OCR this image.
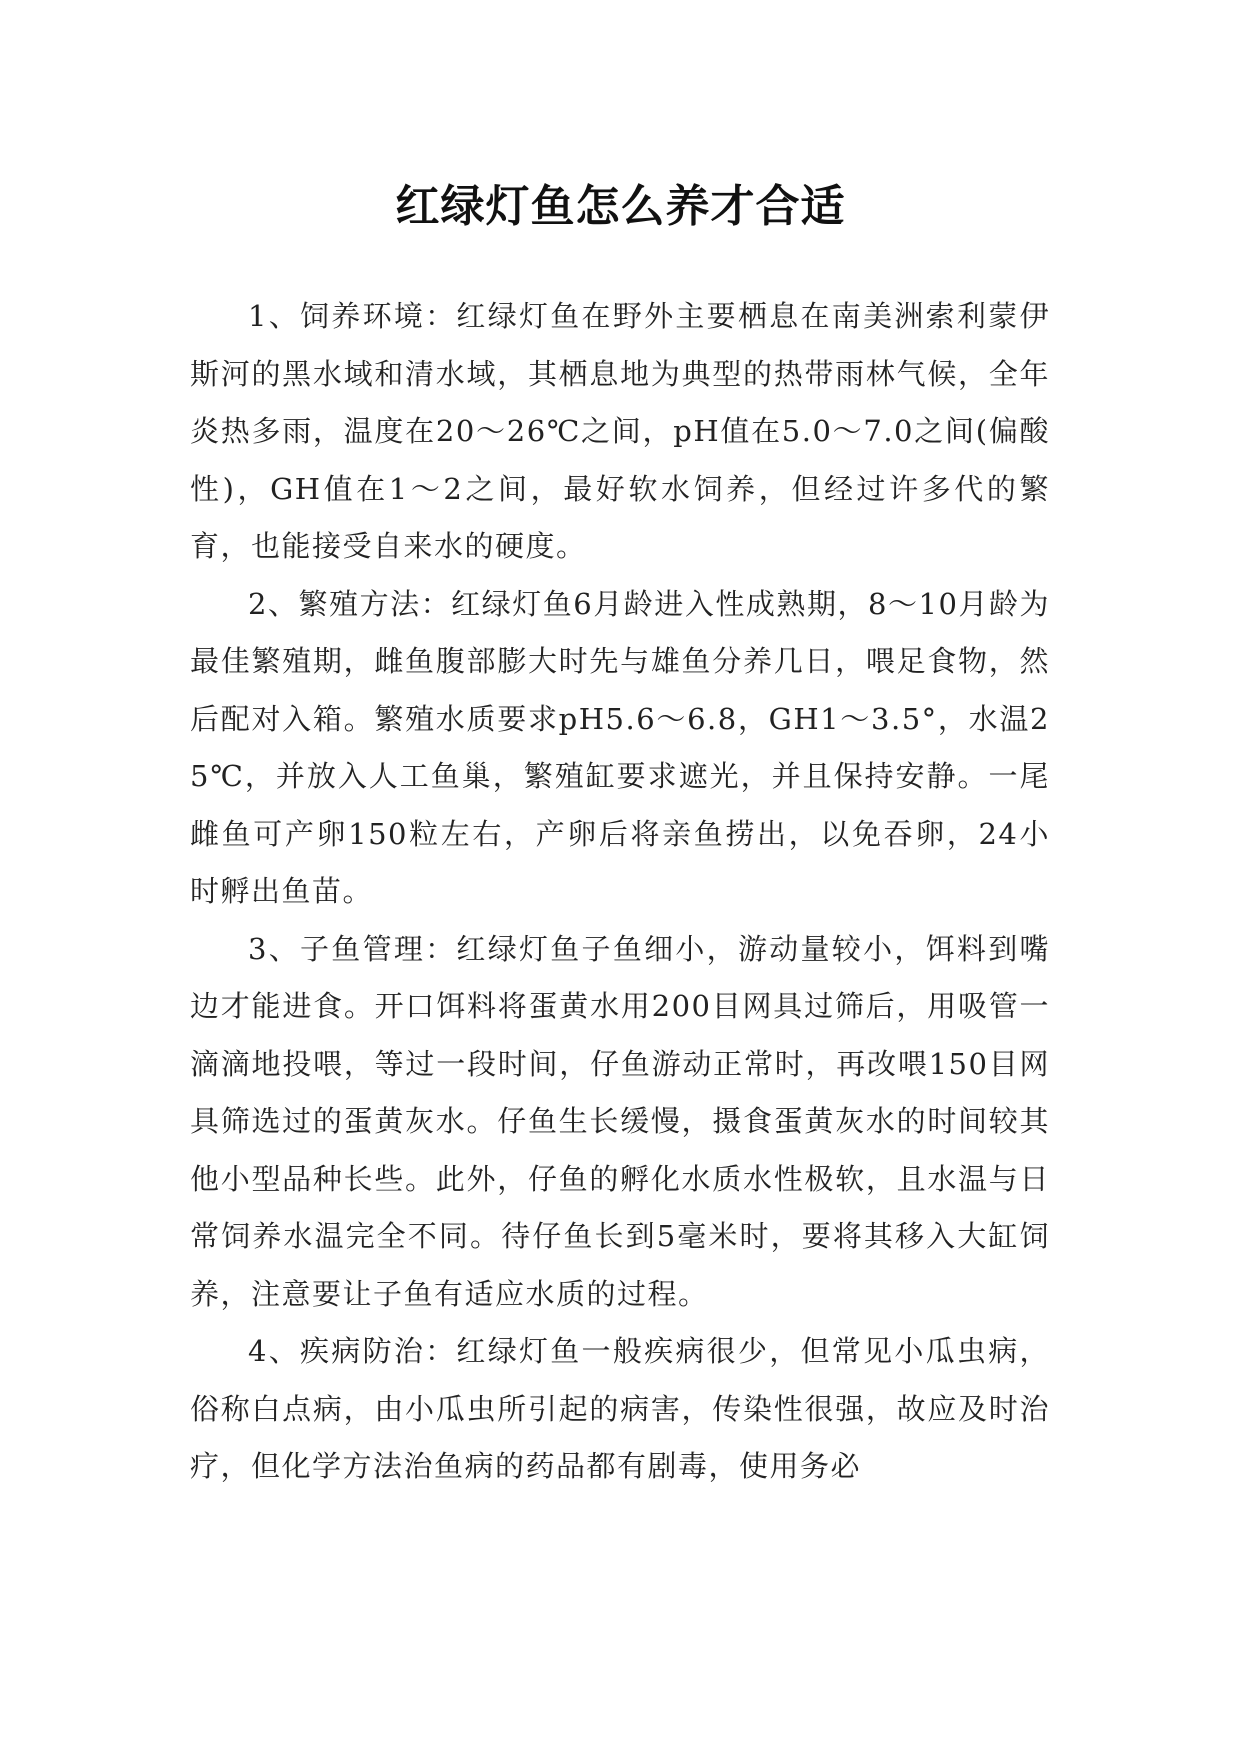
红绿灯鱼怎么养才合适

1、饲养环境：红绿灯鱼在野外主要栖息在南美洲索利蒙伊斯河的黑水域和清水域，其栖息地为典型的热带雨林气候，全年炎热多雨，温度在20～26℃之间，pH值在5.0～7.0之间(偏酸性)，GH值在1～2之间，最好软水饲养，但经过许多代的繁育，也能接受自来水的硬度。

2、繁殖方法：红绿灯鱼6月龄进入性成熟期，8～10月龄为最佳繁殖期，雌鱼腹部膨大时先与雄鱼分养几日，喂足食物，然后配对入箱。繁殖水质要求pH5.6～6.8，GH1～3.5°，水温25℃，并放入人工鱼巢，繁殖缸要求遮光，并且保持安静。一尾雌鱼可产卵150粒左右，产卵后将亲鱼捞出，以免吞卵，24小时孵出鱼苗。

3、子鱼管理：红绿灯鱼子鱼细小，游动量较小，饵料到嘴边才能进食。开口饵料将蛋黄水用200目网具过筛后，用吸管一滴滴地投喂，等过一段时间，仔鱼游动正常时，再改喂150目网具筛选过的蛋黄灰水。仔鱼生长缓慢，摄食蛋黄灰水的时间较其他小型品种长些。此外，仔鱼的孵化水质水性极软，且水温与日常饲养水温完全不同。待仔鱼长到5毫米时，要将其移入大缸饲养，注意要让子鱼有适应水质的过程。

4、疾病防治：红绿灯鱼一般疾病很少，但常见小瓜虫病，俗称白点病，由小瓜虫所引起的病害，传染性很强，故应及时治疗，但化学方法治鱼病的药品都有剧毒，使用务必
